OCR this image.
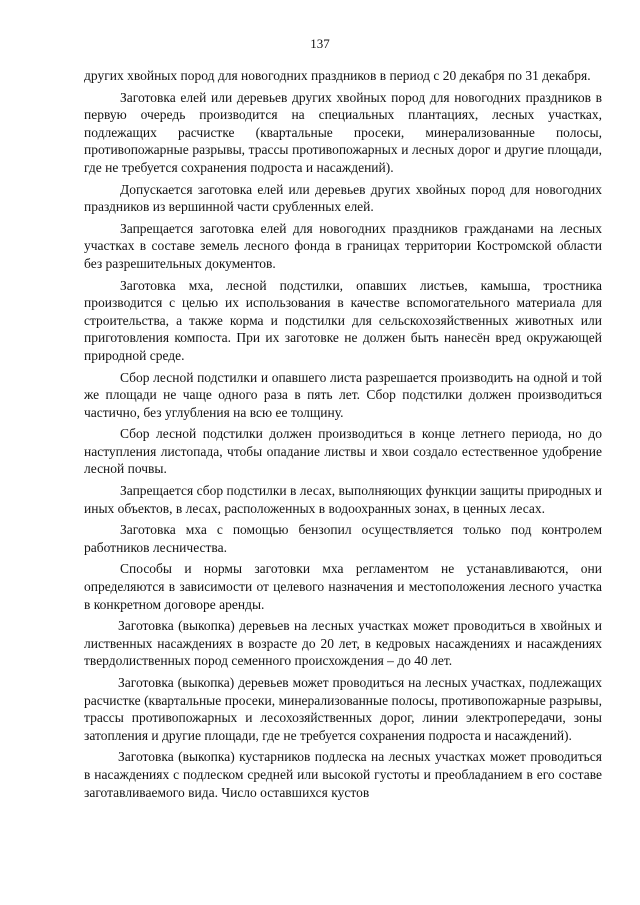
137

других хвойных пород для новогодних праздников в период с 20 декабря по 31 декабря.

Заготовка елей или деревьев других хвойных пород для новогодних праздников в первую очередь производится на специальных плантациях, лесных участках, подлежащих расчистке (квартальные просеки, минерализованные полосы, противопожарные разрывы, трассы противопожарных и лесных дорог и другие площади, где не требуется сохранения подроста и насаждений).

Допускается заготовка елей или деревьев других хвойных пород для новогодних праздников из вершинной части срубленных елей.

Запрещается заготовка елей для новогодних праздников гражданами на лесных участках в составе земель лесного фонда в границах территории Костромской области без разрешительных документов.

Заготовка мха, лесной подстилки, опавших листьев, камыша, тростника производится с целью их использования в качестве вспомогательного материала для строительства, а также корма и подстилки для сельскохозяйственных животных или приготовления компоста. При их заготовке не должен быть нанесён вред окружающей природной среде.

Сбор лесной подстилки и опавшего листа разрешается производить на одной и той же площади не чаще одного раза в пять лет. Сбор подстилки должен производиться частично, без углубления на всю ее толщину.

Сбор лесной подстилки должен производиться в конце летнего периода, но до наступления листопада, чтобы опадание листвы и хвои создало естественное удобрение лесной почвы.

Запрещается сбор подстилки в лесах, выполняющих функции защиты природных и иных объектов, в лесах, расположенных в водоохранных зонах, в ценных лесах.

Заготовка мха с помощью бензопил осуществляется только под контролем работников лесничества.

Способы и нормы заготовки мха регламентом не устанавливаются, они определяются в зависимости от целевого назначения и местоположения лесного участка в конкретном договоре аренды.

Заготовка (выкопка) деревьев на лесных участках может проводиться в хвойных и лиственных насаждениях в возрасте до 20 лет, в кедровых насаждениях и насаждениях твердолиственных пород семенного происхождения – до 40 лет.

Заготовка (выкопка) деревьев может проводиться на лесных участках, подлежащих расчистке (квартальные просеки, минерализованные полосы, противопожарные разрывы, трассы противопожарных и лесохозяйственных дорог, линии электропередачи, зоны затопления и другие площади, где не требуется сохранения подроста и насаждений).

Заготовка (выкопка) кустарников подлеска на лесных участках может проводиться в насаждениях с подлеском средней или высокой густоты и преобладанием в его составе заготавливаемого вида. Число оставшихся кустов
